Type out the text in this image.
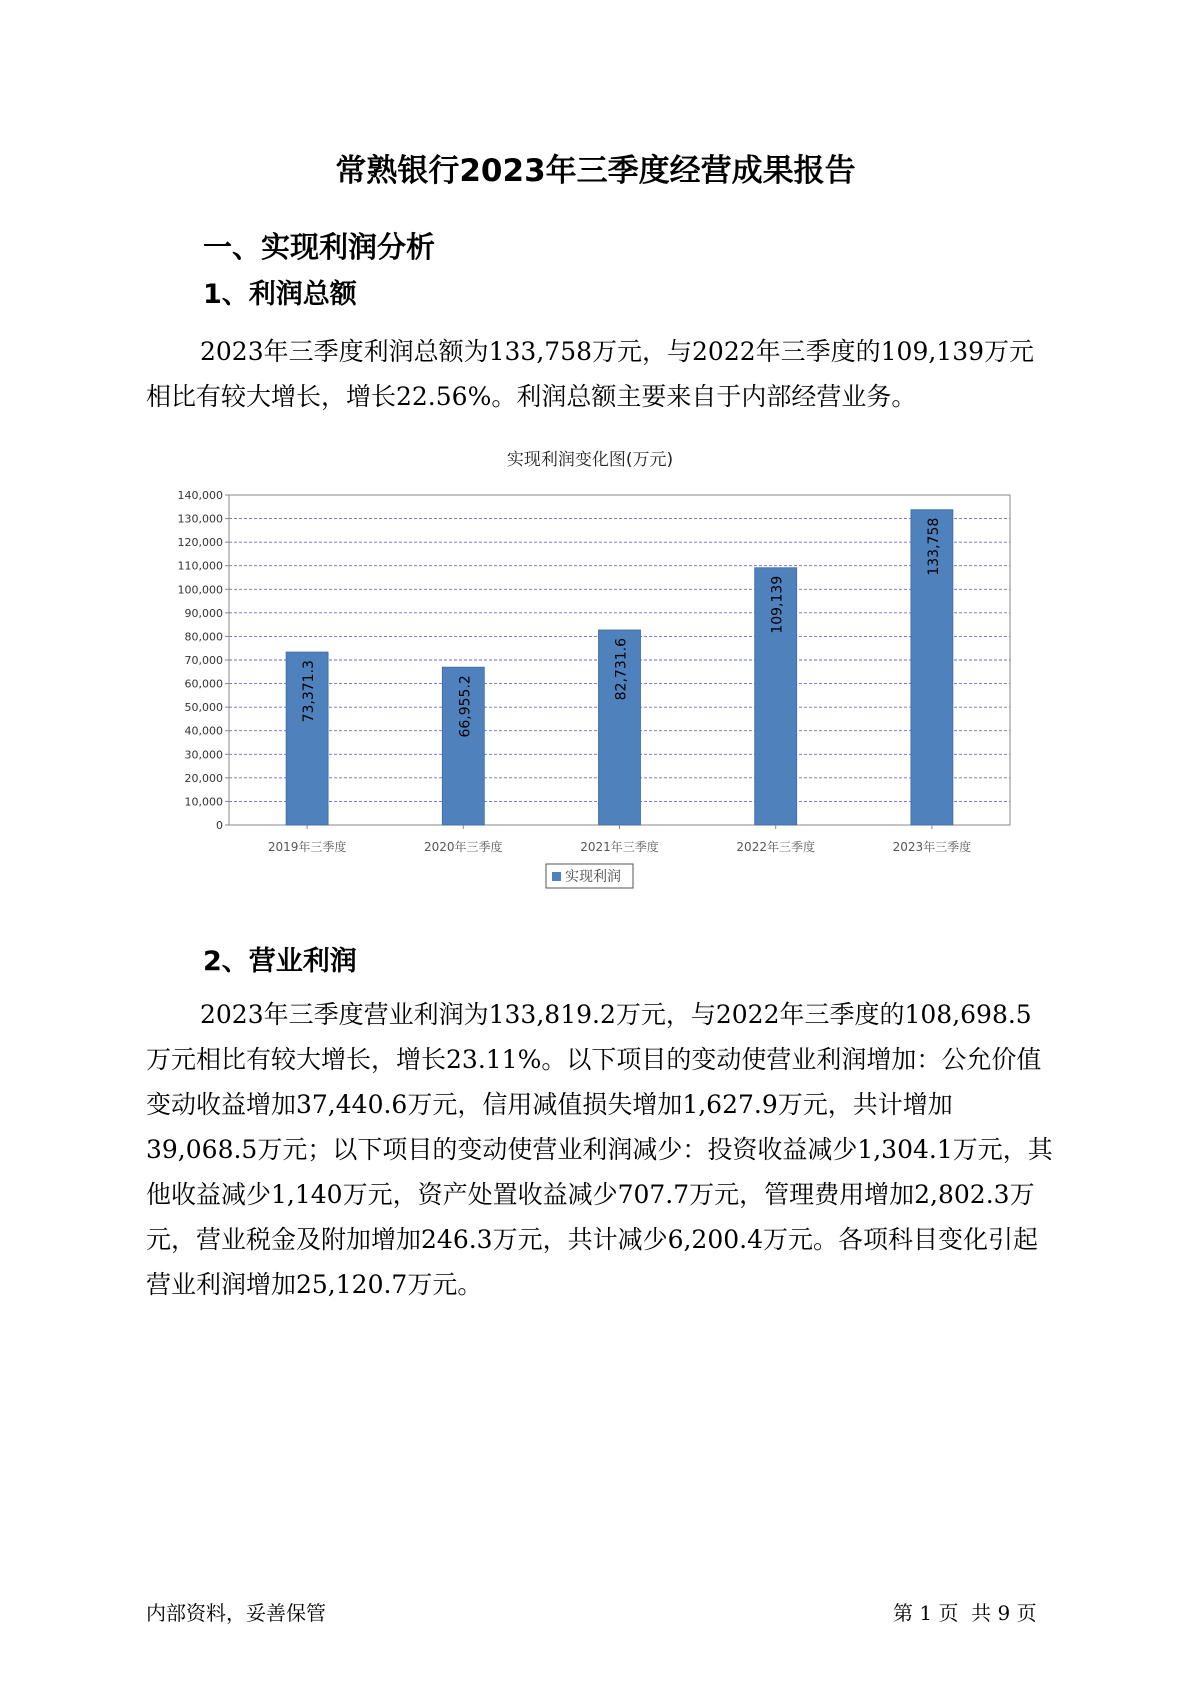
常熟银行2023年三季度经营成果报告
一、实现利润分析
1、利润总额

2023年三季度利润总额为133,758万元，与2022年三季度的109,139万元相比有较大增长，增长22.56%。利润总额主要来自于内部经营业务。

实现利润变化图(万元)
0
10,000
20,000
30,000
40,000
50,000
60,000
70,000
80,000
90,000
100,000
110,000
120,000
130,000
140,000
73,371.3
2019年三季度
66,955.2
2020年三季度
82,731.6
2021年三季度
109,139
2022年三季度
133,758
2023年三季度
实现利润
2、营业利润

2023年三季度营业利润为133,819.2万元，与2022年三季度的108,698.5万元相比有较大增长，增长23.11%。以下项目的变动使营业利润增加：公允价值变动收益增加37,440.6万元，信用减值损失增加1,627.9万元，共计增加39,068.5万元；以下项目的变动使营业利润减少：投资收益减少1,304.1万元，其他收益减少1,140万元，资产处置收益减少707.7万元，管理费用增加2,802.3万元，营业税金及附加增加246.3万元，共计减少6,200.4万元。各项科目变化引起营业利润增加25,120.7万元。

内部资料，妥善保管	第 1 页  共 9 页
